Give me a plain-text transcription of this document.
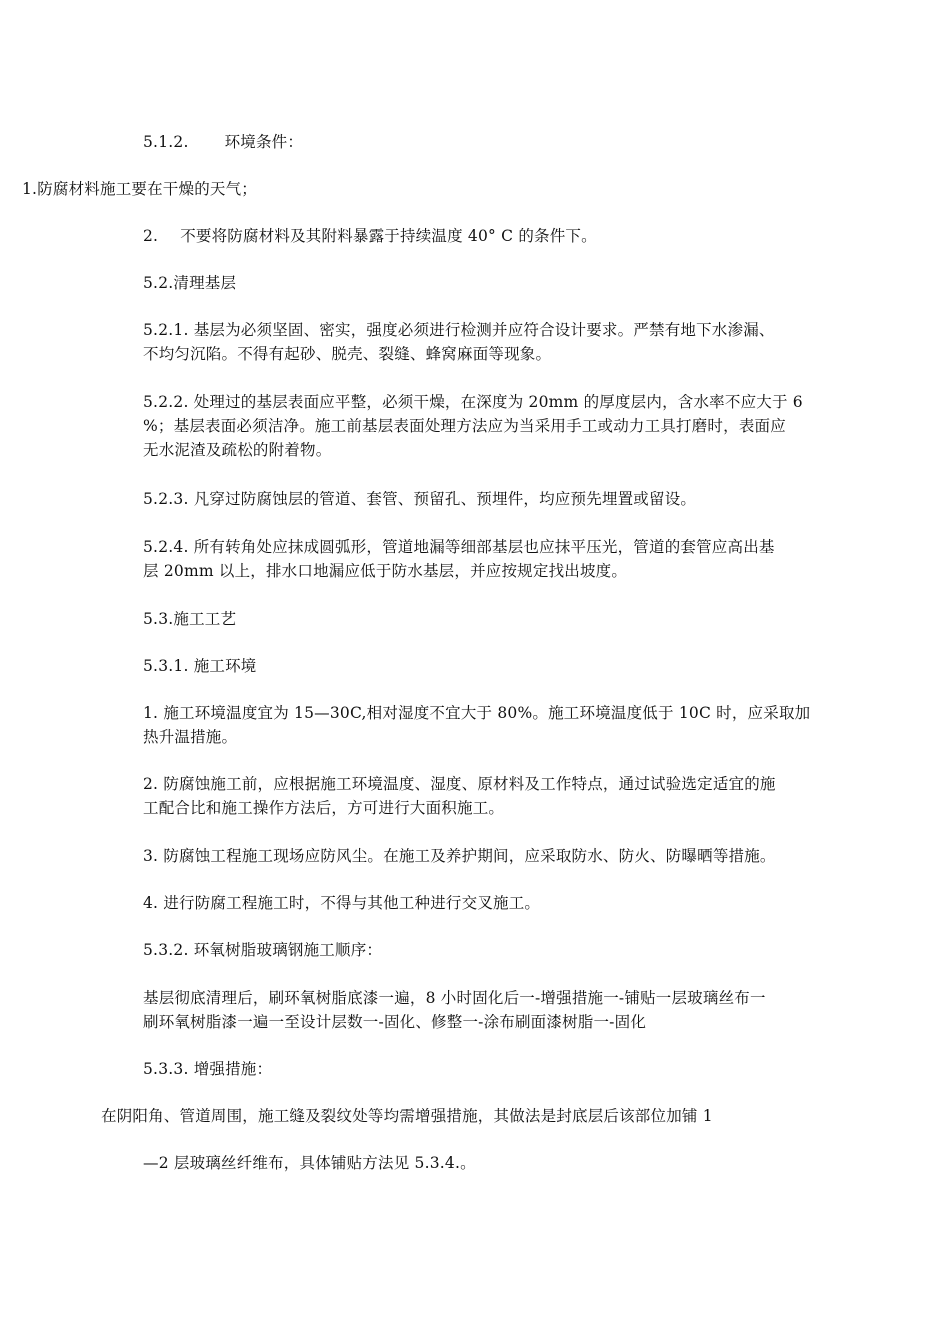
5.1.2. 环境条件：
1.防腐材料施工要在干燥的天气；
2. 不要将防腐材料及其附料暴露于持续温度 40° C 的条件下。
5.2.清理基层
5.2.1. 基层为必须坚固、密实，强度必须进行检测并应符合设计要求。严禁有地下水渗漏、
不均匀沉陷。不得有起砂、脱壳、裂缝、蜂窝麻面等现象。
5.2.2. 处理过的基层表面应平整，必须干燥，在深度为 20mm 的厚度层内，含水率不应大于 6
%；基层表面必须洁净。施工前基层表面处理方法应为当采用手工或动力工具打磨时，表面应
无水泥渣及疏松的附着物。
5.2.3. 凡穿过防腐蚀层的管道、套管、预留孔、预埋件，均应预先埋置或留设。
5.2.4. 所有转角处应抹成圆弧形，管道地漏等细部基层也应抹平压光，管道的套管应高出基
层 20mm 以上，排水口地漏应低于防水基层，并应按规定找出坡度。
5.3.施工工艺
5.3.1. 施工环境
1. 施工环境温度宜为 15—30C,相对湿度不宜大于 80%。施工环境温度低于 10C 时，应采取加
热升温措施。
2. 防腐蚀施工前，应根据施工环境温度、湿度、原材料及工作特点，通过试验选定适宜的施
工配合比和施工操作方法后，方可进行大面积施工。
3. 防腐蚀工程施工现场应防风尘。在施工及养护期间，应采取防水、防火、防曝晒等措施。
4. 进行防腐工程施工时，不得与其他工种进行交叉施工。
5.3.2. 环氧树脂玻璃钢施工顺序：
基层彻底清理后，刷环氧树脂底漆一遍，8 小时固化后一-增强措施一-铺贴一层玻璃丝布一
刷环氧树脂漆一遍一至设计层数一-固化、修整一-涂布刷面漆树脂一-固化
5.3.3. 增强措施：
在阴阳角、管道周围，施工缝及裂纹处等均需增强措施，其做法是封底层后该部位加铺 1
—2 层玻璃丝纤维布，具体铺贴方法见 5.3.4.。
